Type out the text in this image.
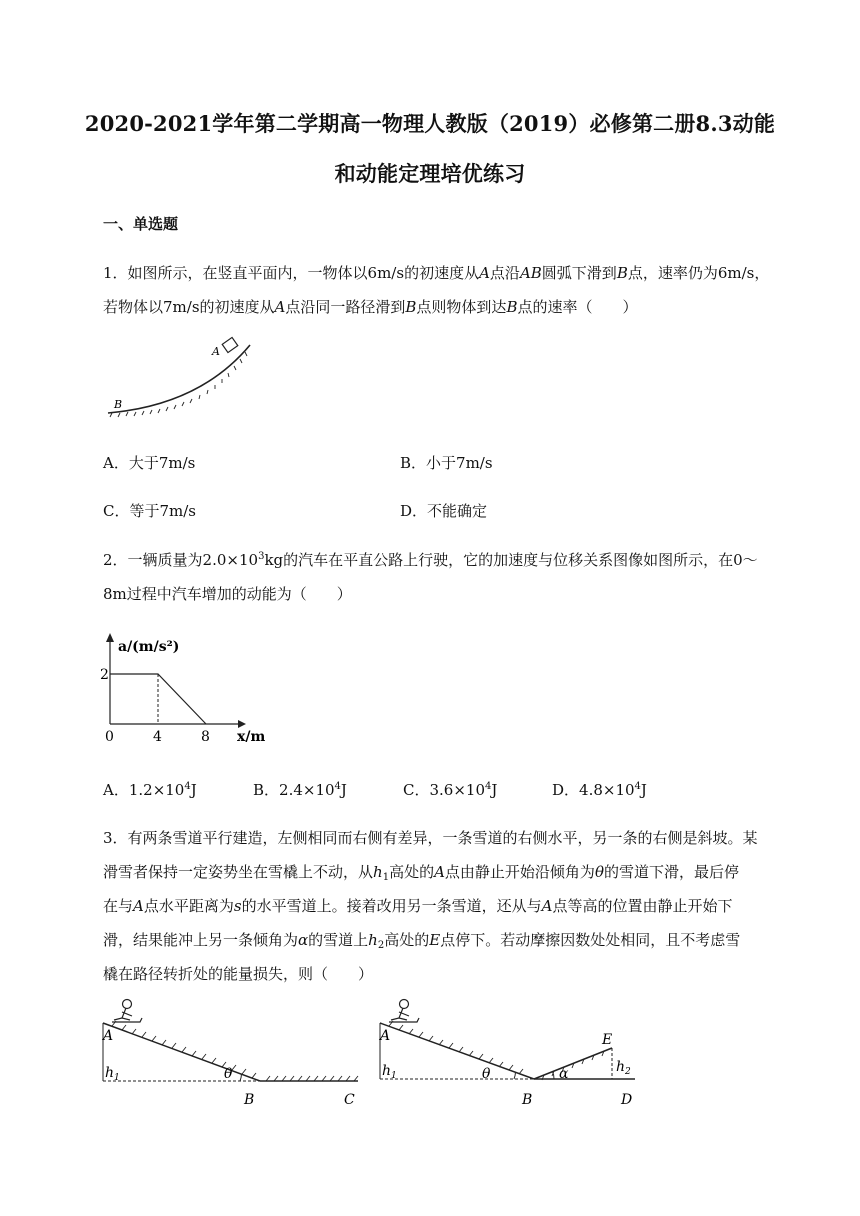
2020-2021学年第二学期高一物理人教版（2019）必修第二册8.3动能
和动能定理培优练习
一、单选题
1．如图所示，在竖直平面内，一物体以6m/s的初速度从A点沿AB圆弧下滑到B点，速率仍为6m/s，
若物体以7m/s的初速度从A点沿同一路径滑到B点则物体到达B点的速率（　　）
A
B
A．大于7m/s	B．小于7m/s
C．等于7m/s	D．不能确定
2．一辆质量为$2.0\times 10^3kg$的汽车在平直公路上行驶，它的加速度与位移关系图像如图所示，在0～
8m过程中汽车增加的动能为（　　）
a/(m/s²)
x/m
0	4	8
2
A．$1.2\times 10^4J$	B．$2.4\times 10^4J$	C．$3.6\times 10^4J$	D．$4.8\times 10^4J$
3．有两条雪道平行建造，左侧相同而右侧有差异，一条雪道的右侧水平，另一条的右侧是斜坡。某
滑雪者保持一定姿势坐在雪橇上不动，从$h_1$高处的A点由静止开始沿倾角为θ的雪道下滑，最后停
在与A点水平距离为s的水平雪道上。接着改用另一条雪道，还从与A点等高的位置由静止开始下
滑，结果能冲上另一条倾角为α的雪道上$h_2$高处的E点停下。若动摩擦因数处处相同，且不考虑雪
橇在路径转折处的能量损失，则（　　）
A
$h_1$	θ
B	C
A
$h_1$	θ	α
E
$h_2$
B	D
